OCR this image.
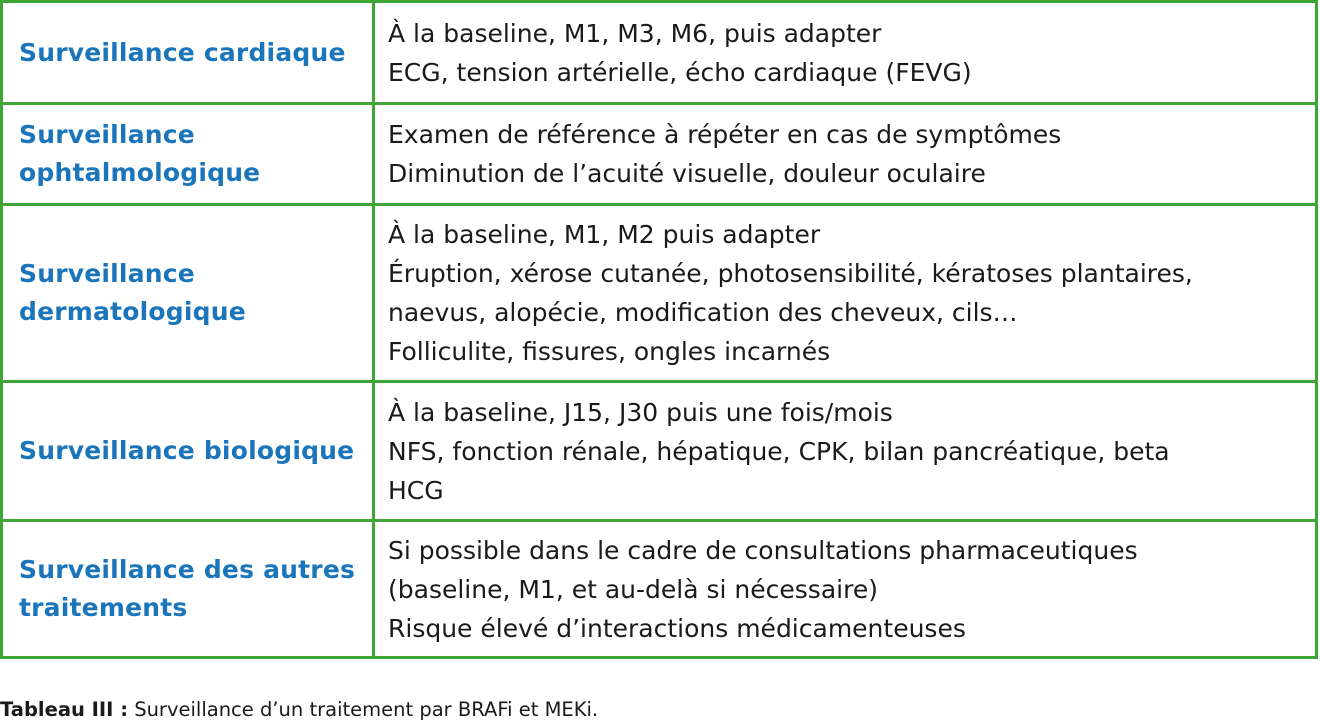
Surveillance cardiaque
À la baseline, M1, M3, M6, puis adapter
ECG, tension artérielle, écho cardiaque (FEVG)
Surveillance
ophtalmologique
Examen de référence à répéter en cas de symptômes
Diminution de l’acuité visuelle, douleur oculaire
Surveillance
dermatologique
À la baseline, M1, M2 puis adapter
Éruption, xérose cutanée, photosensibilité, kératoses plantaires,
naevus, alopécie, modification des cheveux, cils…
Folliculite, fissures, ongles incarnés
Surveillance biologique
À la baseline, J15, J30 puis une fois/mois
NFS, fonction rénale, hépatique, CPK, bilan pancréatique, beta
HCG
Surveillance des autres
traitements
Si possible dans le cadre de consultations pharmaceutiques
(baseline, M1, et au-delà si nécessaire)
Risque élevé d’interactions médicamenteuses
Tableau III : Surveillance d’un traitement par BRAFi et MEKi.
